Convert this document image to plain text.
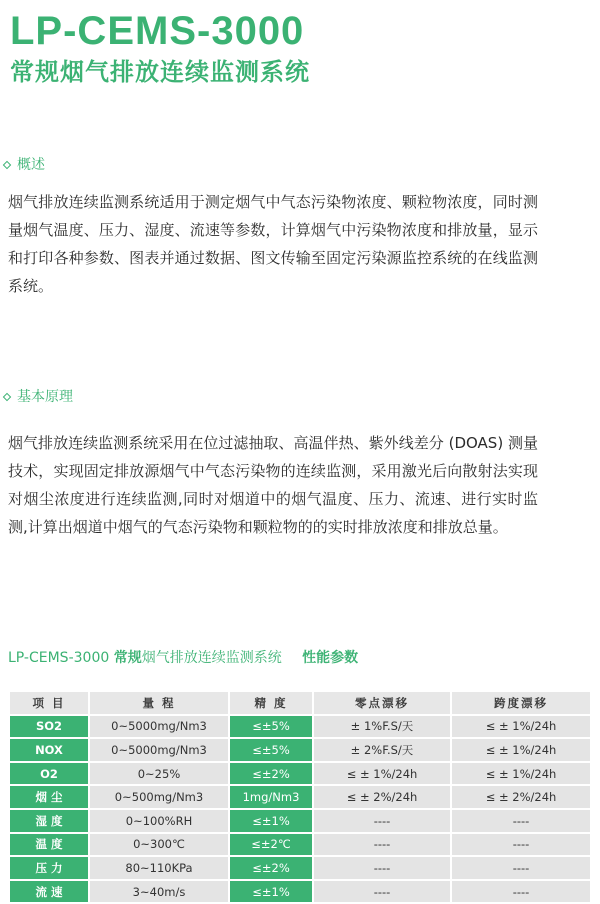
LP-CEMS-3000
常规烟气排放连续监测系统
概述

烟气排放连续监测系统适用于测定烟气中气态污染物浓度、颗粒物浓度，同时测量烟气温度、压力、湿度、流速等参数，计算烟气中污染物浓度和排放量，显示和打印各种参数、图表并通过数据、图文传输至固定污染源监控系统的在线监测系统。

基本原理

烟气排放连续监测系统采用在位过滤抽取、高温伴热、紫外线差分 (DOAS) 测量技术，实现固定排放源烟气中气态污染物的连续监测，采用激光后向散射法实现对烟尘浓度进行连续监测,同时对烟道中的烟气温度、压力、流速、进行实时监测,计算出烟道中烟气的气态污染物和颗粒物的的实时排放浓度和排放总量。

LP-CEMS-3000 常规烟气排放连续监测系统 性能参数
项 目	量 程	精 度	零点漂移	跨度漂移
SO2	0~5000mg/Nm3	≤±5%	± 1%F.S/天	≤ ± 1%/24h
NOX	0~5000mg/Nm3	≤±5%	± 2%F.S/天	≤ ± 1%/24h
O2	0~25%	≤±2%	≤ ± 1%/24h	≤ ± 1%/24h
烟 尘	0~500mg/Nm3	1mg/Nm3	≤ ± 2%/24h	≤ ± 2%/24h
湿 度	0~100%RH	≤±1%	----	----
温 度	0~300℃	≤±2℃	----	----
压 力	80~110KPa	≤±2%	----	----
流 速	3~40m/s	≤±1%	----	----
